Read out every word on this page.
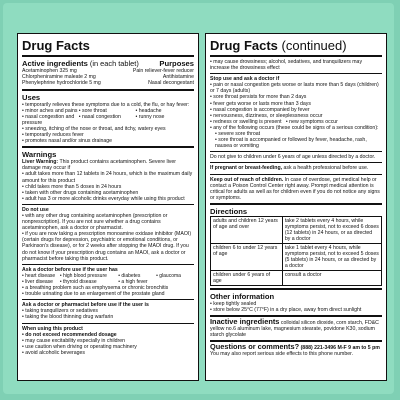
Drug Facts
Active ingredients (in each tablet)	Purposes
Acetaminophen 325 mg	Pain reliever-fever reducer
Chlorpheniramine maleate 2 mg	Antihistamine
Phenylephrine hydrochloride 5 mg	Nasal decongestant
Uses
• temporarily relieves these symptoms due to a cold, the flu, or hay fever:
• minor aches and pains • sore throat	• headache
• nasal congestion and pressure
• nasal congestion	• runny nose
• sneezing, itching of the nose or throat, and itchy, watery eyes
• temporarily reduces fever
• promotes nasal and/or sinus drainage
Warnings
Liver Warning: This product contains acetaminophen. Severe liver damage may occur if
• adult takes more than 12 tablets in 24 hours, which is the maximum daily amount for this product
• child takes more than 5 doses in 24 hours
• taken with other drugs containing acetaminophen
• adult has 3 or more alcoholic drinks everyday while using this product
Do not use
• with any other drug containing acetaminophen (prescription or nonprescription). If you are not sure whether a drug contains acetaminophen, ask a doctor or pharmacist.
• if you are now taking a prescription monoamine oxidase inhibitor (MAOI) (certain drugs for depression, psychiatric or emotional conditions, or Parkinson's disease), or for 2 weeks after stopping the MAOI drug. If you do not know if your prescription drug contains an MAOI, ask a doctor or pharmacist before taking this product.
Ask a doctor before use if the user has
• heart disease • high blood pressure	• diabetes	• glaucoma
• liver disease	• thyroid disease	• a high fever
• a breathing problem such as emphysema or chronic bronchitis
• trouble urinating due to an enlargement of the prostate gland
Ask a doctor or pharmacist before use if the user is
• taking tranquilizers or sedatives
• taking the blood thinning drug warfarin
When using this product
• do not exceed recommended dosage
• may cause excitability especially in children
• use caution when driving or operating machinery
• avoid alcoholic beverages
Drug Facts (continued)
• may cause drowsiness; alcohol, sedatives, and tranquilizers may increase the drowsiness effect
Stop use and ask a doctor if
• pain or nasal congestion gets worse or lasts more than 5 days (children) or 7 days (adults)
• sore throat persists for more than 2 days
• fever gets worse or lasts more than 3 days
• nasal congestion is accompanied by fever
• nervousness, dizziness, or sleeplessness occur
• redness or swelling is present • new symptoms occur
• any of the following occurs (these could be signs of a serious condition):
• severe sore throat
• sore throat is accompanied or followed by fever, headache, rash, nausea or vomiting
Do not give to children under 6 years of age unless directed by a doctor.
If pregnant or breast-feeding, ask a health professional before use.
Keep out of reach of children. In case of overdose, get medical help or contact a Poison Control Center right away. Prompt medical attention is critical for adults as well as for children even if you do not notice any signs or symptoms.
Directions
adults and children 12 years of age and over	take 2 tablets every 4 hours, while symptoms persist, not to exceed 6 doses (12 tablets) in 24 hours, or as directed by a doctor
children 6 to under 12 years of age	take 1 tablet every 4 hours, while symptoms persist, not to exceed 5 doses (5 tablets) in 24 hours, or as directed by a doctor
children under 6 years of age	consult a doctor
Other information
• keep tightly sealed
• store below 25°C (77°F) in a dry place, away from direct sunlight
Inactive ingredients colloidal silicon dioxide, corn starch, FD&C yellow no.6 aluminum lake, magnesium stearate, povidone K30, sodium starch glycolate
Questions or comments? (888) 221-3496 M-F 9 am to 5 pm
You may also report serious side effects to this phone number.
